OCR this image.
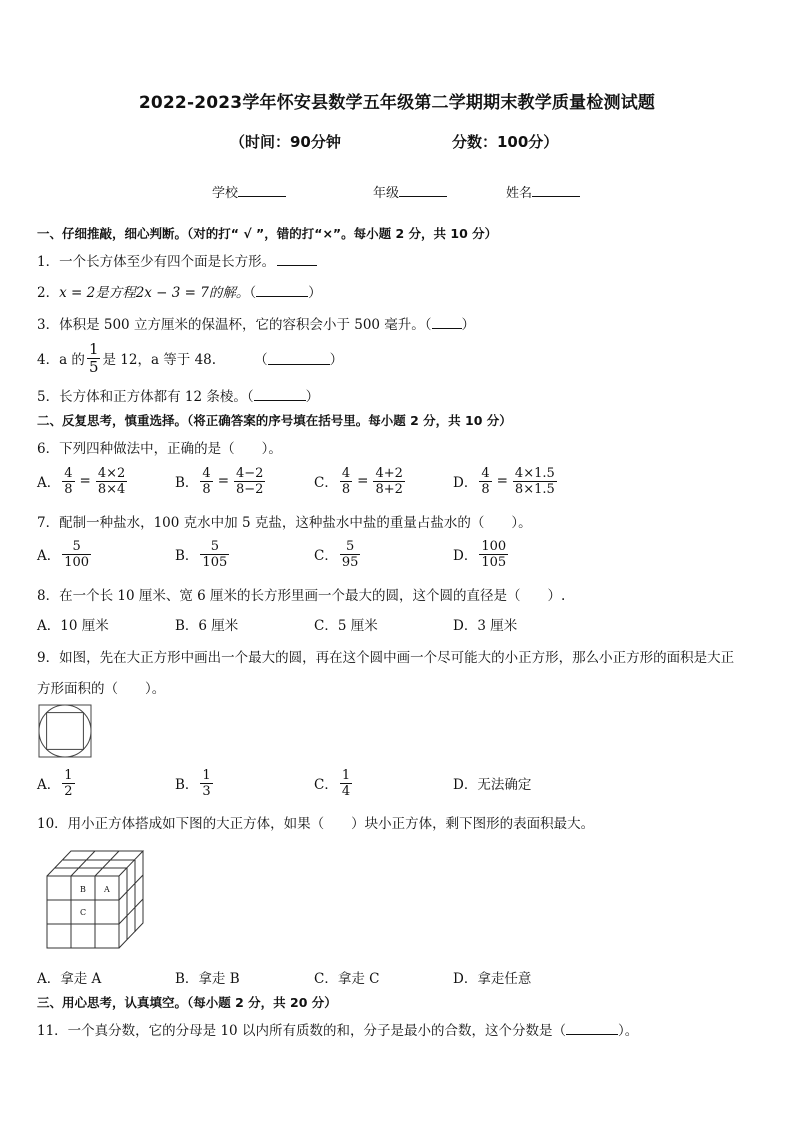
2022-2023学年怀安县数学五年级第二学期期末教学质量检测试题
（时间：90分钟	分数：100分）
学校	年级	姓名
一、仔细推敲，细心判断。（对的打“ √ ”，错的打“×”。每小题 2 分，共 10 分）
1．一个长方体至少有四个面是长方形。
2．x = 2是方程2x − 3 = 7的解。（	）
3．体积是 500 立方厘米的保温杯，它的容积会小于 500 毫升。（ ）
4．a 的 $\frac{1}{5}$ 是 12，a 等于 48.	（	）
5．长方体和正方体都有 12 条棱。（	）
二、反复思考，慎重选择。（将正确答案的序号填在括号里。每小题 2 分，共 10 分）
6．下列四种做法中，正确的是（　　）。
A． $\frac{4}{8} = \frac{4\times 2}{8\times 4}$	B． $\frac{4}{8} = \frac{4-2}{8-2}$	C． $\frac{4}{8} = \frac{4+2}{8+2}$	D． $\frac{4}{8} = \frac{4\times 1.5}{8\times 1.5}$
7．配制一种盐水，100 克水中加 5 克盐，这种盐水中盐的重量占盐水的（　　）。
A． $\frac{5}{100}$	B． $\frac{5}{105}$	C． $\frac{5}{95}$	D． $\frac{100}{105}$
8．在一个长 10 厘米、宽 6 厘米的长方形里画一个最大的圆，这个圆的直径是（　　）.
A．10 厘米	B．6 厘米	C．5 厘米	D．3 厘米
9．如图，先在大正方形中画出一个最大的圆，再在这个圆中画一个尽可能大的小正方形，那么小正方形的面积是大正
方形面积的（　　）。
A． $\frac{1}{2}$	B． $\frac{1}{3}$	C． $\frac{1}{4}$	D．无法确定
10．用小正方体搭成如下图的大正方体，如果（　　）块小正方体，剩下图形的表面积最大。
B A
C
A．拿走 A	B．拿走 B	C．拿走 C	D．拿走任意
三、用心思考，认真填空。（每小题 2 分，共 20 分）
11．一个真分数，它的分母是 10 以内所有质数的和，分子是最小的合数，这个分数是（	）。
